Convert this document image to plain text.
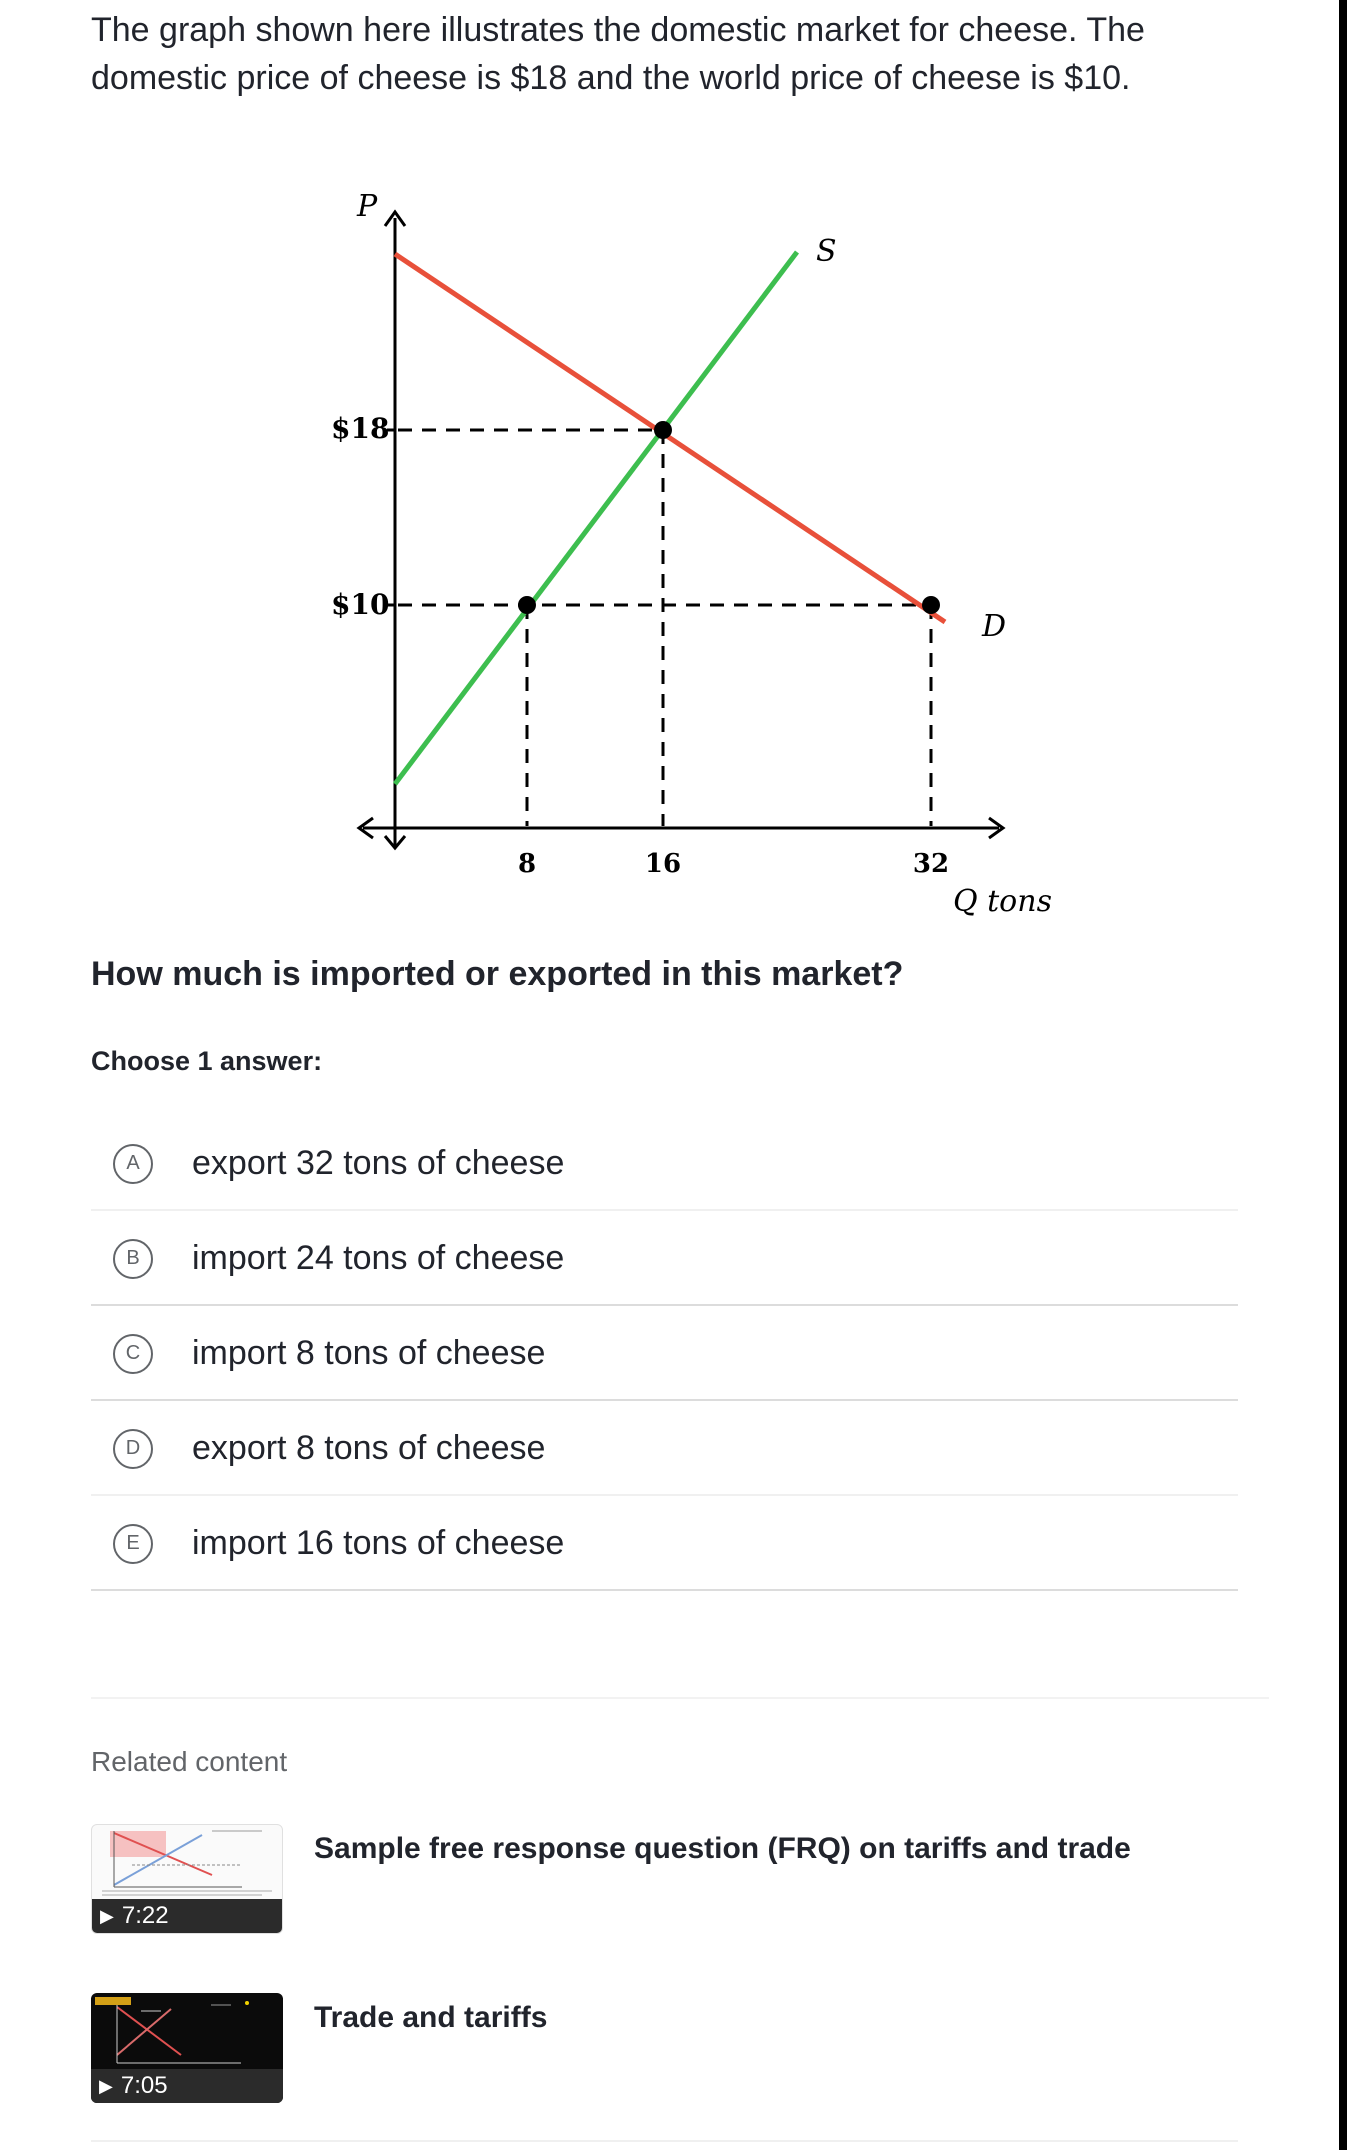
The graph shown here illustrates the domestic market for cheese. The domestic price of cheese is $18 and the world price of cheese is $10.
P
S
D
$18
$10
8	16	32
Q tons
How much is imported or exported in this market?
Choose 1 answer:
A	export 32 tons of cheese
B	import 24 tons of cheese
C	import 8 tons of cheese
D	export 8 tons of cheese
E	import 16 tons of cheese
Related content
▶ 7:22
Sample free response question (FRQ) on tariffs and trade
▶ 7:05
Trade and tariffs
